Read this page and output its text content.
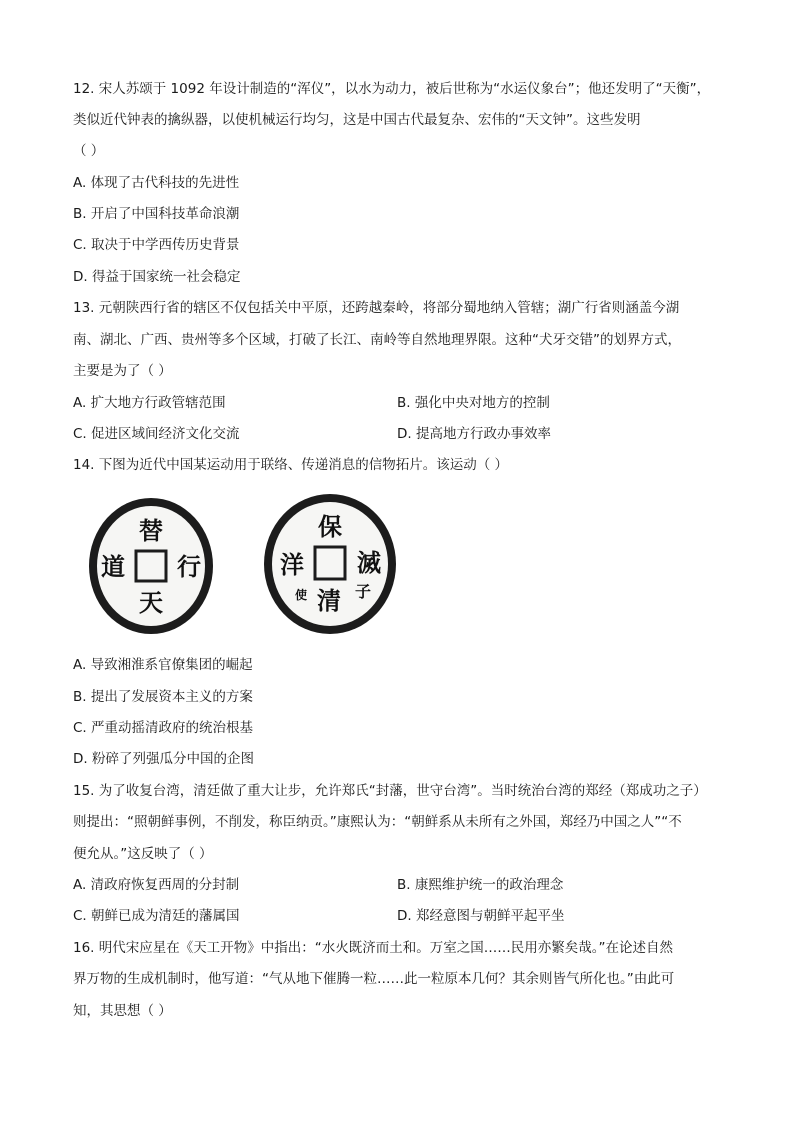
12. 宋人苏颂于 1092 年设计制造的“浑仪”，以水为动力，被后世称为“水运仪象台”；他还发明了“天衡”，
类似近代钟表的擒纵器，以使机械运行均匀，这是中国古代最复杂、宏伟的“天文钟”。这些发明
（ ）
A. 体现了古代科技的先进性
B. 开启了中国科技革命浪潮
C. 取决于中学西传历史背景
D. 得益于国家统一社会稳定
13. 元朝陕西行省的辖区不仅包括关中平原，还跨越秦岭，将部分蜀地纳入管辖；湖广行省则涵盖今湖
南、湖北、广西、贵州等多个区域，打破了长江、南岭等自然地理界限。这种“犬牙交错”的划界方式，
主要是为了（ ）
A. 扩大地方行政管辖范围	B. 强化中央对地方的控制
C. 促进区域间经济文化交流	D. 提高地方行政办事效率
14. 下图为近代中国某运动用于联络、传递消息的信物拓片。该运动（ ）
替
道 行
天
保
洋 滅
清
使	子
A. 导致湘淮系官僚集团的崛起
B. 提出了发展资本主义的方案
C. 严重动摇清政府的统治根基
D. 粉碎了列强瓜分中国的企图
15. 为了收复台湾，清廷做了重大让步，允许郑氏“封藩，世守台湾”。当时统治台湾的郑经（郑成功之子）
则提出：“照朝鲜事例，不削发，称臣纳贡。”康熙认为：“朝鲜系从未所有之外国，郑经乃中国之人”“不
便允从。”这反映了（ ）
A. 清政府恢复西周的分封制	B. 康熙维护统一的政治理念
C. 朝鲜已成为清廷的藩属国	D. 郑经意图与朝鲜平起平坐
16. 明代宋应星在《天工开物》中指出：“水火既济而土和。万室之国……民用亦繁矣哉。”在论述自然
界万物的生成机制时，他写道：“气从地下催腾一粒……此一粒原本几何？其余则皆气所化也。”由此可
知，其思想（ ）
